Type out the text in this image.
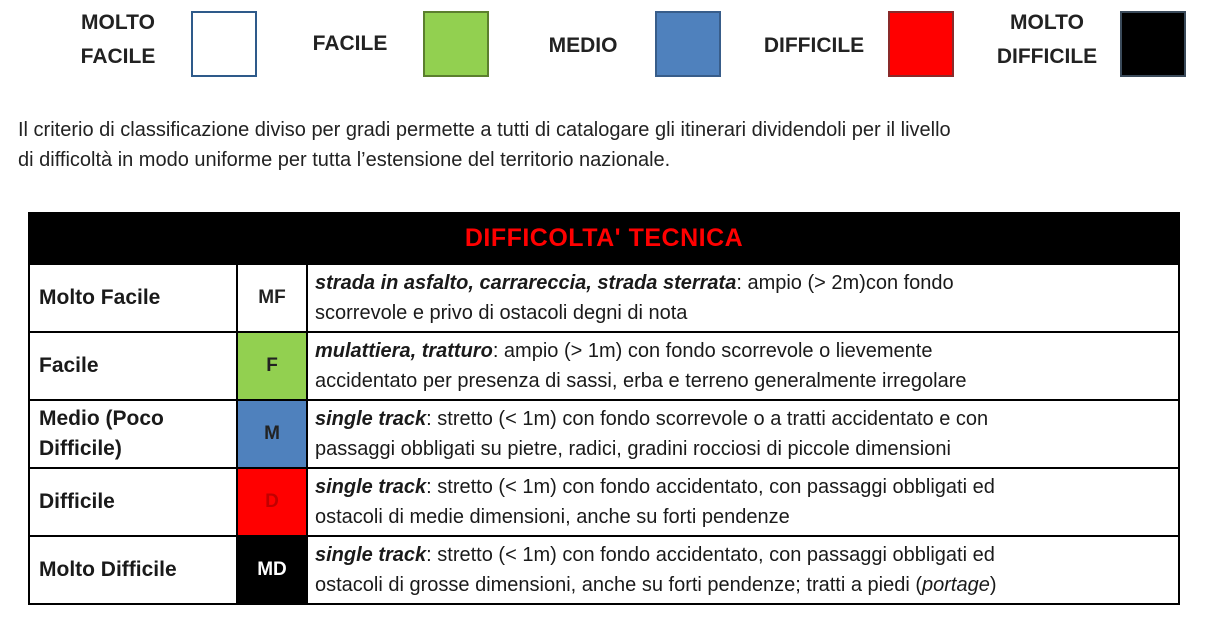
MOLTO
FACILE
FACILE	MEDIO	DIFFICILE
MOLTO
DIFFICILE
Il criterio di classificazione diviso per gradi permette a tutti di catalogare gli itinerari dividendoli per il livello
di difficoltà in modo uniforme per tutta l’estensione del territorio nazionale.
DIFFICOLTA' TECNICA		
Molto Facile	MF	strada in asfalto, carrareccia, strada sterrata: ampio (> 2m)con fondo
scorrevole e privo di ostacoli degni di nota
Facile	F	mulattiera, tratturo: ampio (> 1m) con fondo scorrevole o lievemente
accidentato per presenza di sassi, erba e terreno generalmente irregolare
Medio (Poco
Difficile)	M	single track: stretto (< 1m) con fondo scorrevole o a tratti accidentato e con
passaggi obbligati su pietre, radici, gradini rocciosi di piccole dimensioni
Difficile	D	single track: stretto (< 1m) con fondo accidentato, con passaggi obbligati ed
ostacoli di medie dimensioni, anche su forti pendenze
Molto Difficile	MD	single track: stretto (< 1m) con fondo accidentato, con passaggi obbligati ed
ostacoli di grosse dimensioni, anche su forti pendenze; tratti a piedi (portage)
